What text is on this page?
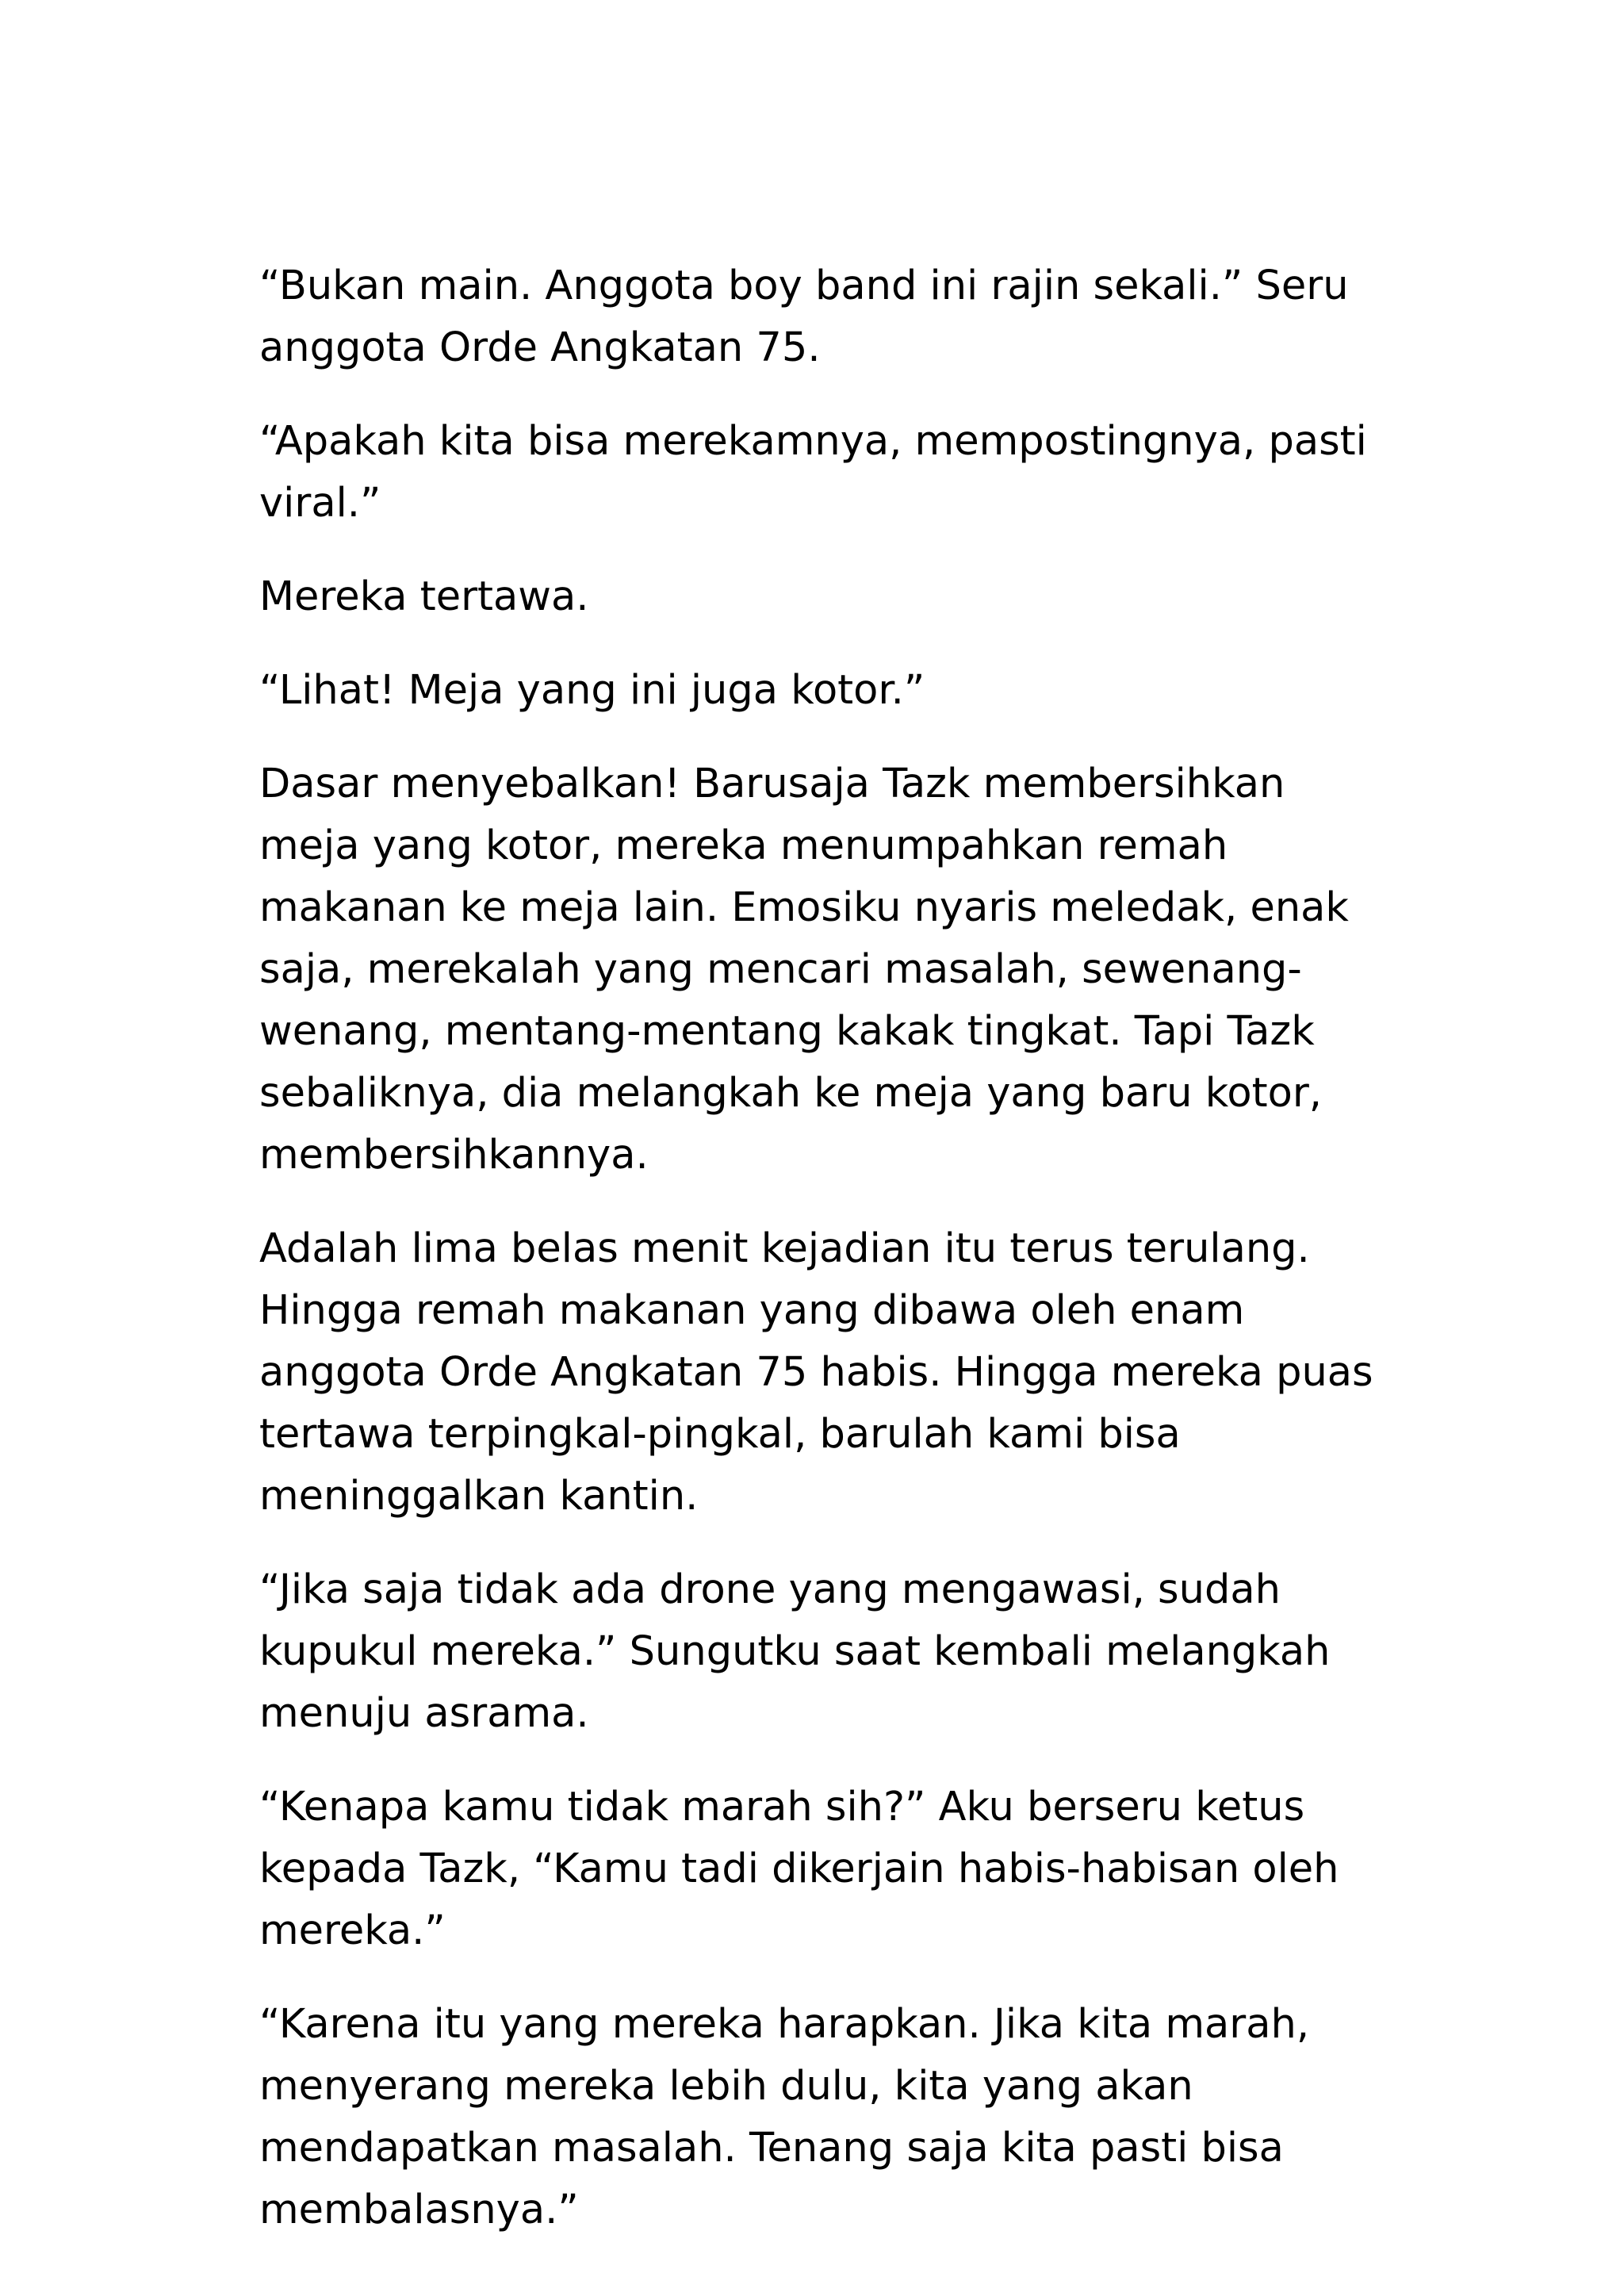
“Bukan main. Anggota boy band ini rajin sekali.” Seru anggota Orde Angkatan 75.

“Apakah kita bisa merekamnya, mempostingnya, pasti viral.”

Mereka tertawa.

“Lihat! Meja yang ini juga kotor.”

Dasar menyebalkan! Barusaja Tazk membersihkan meja yang kotor, mereka menumpahkan remah makanan ke meja lain. Emosiku nyaris meledak, enak saja, merekalah yang mencari masalah, sewenang-wenang, mentang-mentang kakak tingkat. Tapi Tazk sebaliknya, dia melangkah ke meja yang baru kotor, membersihkannya.

Adalah lima belas menit kejadian itu terus terulang. Hingga remah makanan yang dibawa oleh enam anggota Orde Angkatan 75 habis. Hingga mereka puas tertawa terpingkal-pingkal, barulah kami bisa meninggalkan kantin.

“Jika saja tidak ada drone yang mengawasi, sudah kupukul mereka.” Sungutku saat kembali melangkah menuju asrama.

“Kenapa kamu tidak marah sih?” Aku berseru ketus kepada Tazk, “Kamu tadi dikerjain habis-habisan oleh mereka.”

“Karena itu yang mereka harapkan. Jika kita marah, menyerang mereka lebih dulu, kita yang akan mendapatkan masalah. Tenang saja kita pasti bisa membalasnya.”
